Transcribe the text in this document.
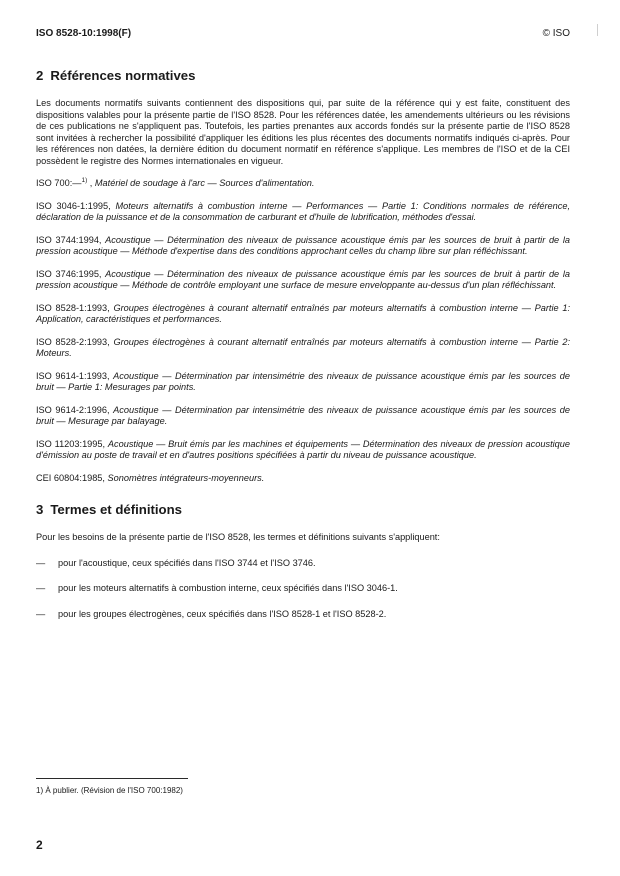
ISO 8528-10:1998(F)	© ISO
2 Références normatives

Les documents normatifs suivants contiennent des dispositions qui, par suite de la référence qui y est faite, constituent des dispositions valables pour la présente partie de l'ISO 8528. Pour les références datée, les amendements ultérieurs ou les révisions de ces publications ne s'appliquent pas. Toutefois, les parties prenantes aux accords fondés sur la présente partie de l'ISO 8528 sont invitées à rechercher la possibilité d'appliquer les éditions les plus récentes des documents normatifs indiqués ci-après. Pour les références non datées, la dernière édition du document normatif en référence s'applique. Les membres de l'ISO et de la CEI possèdent le registre des Normes internationales en vigueur.

ISO 700:—$^{1)}$ , Matériel de soudage à l'arc — Sources d'alimentation.

ISO 3046-1:1995, Moteurs alternatifs à combustion interne — Performances — Partie 1: Conditions normales de référence, déclaration de la puissance et de la consommation de carburant et d'huile de lubrification, méthodes d'essai.

ISO 3744:1994, Acoustique — Détermination des niveaux de puissance acoustique émis par les sources de bruit à partir de la pression acoustique — Méthode d'expertise dans des conditions approchant celles du champ libre sur plan réfléchissant.

ISO 3746:1995, Acoustique — Détermination des niveaux de puissance acoustique émis par les sources de bruit à partir de la pression acoustique — Méthode de contrôle employant une surface de mesure enveloppante au-dessus d'un plan réfléchissant.

ISO 8528-1:1993, Groupes électrogènes à courant alternatif entraînés par moteurs alternatifs à combustion interne — Partie 1: Application, caractéristiques et performances.

ISO 8528-2:1993, Groupes électrogènes à courant alternatif entraînés par moteurs alternatifs à combustion interne — Partie 2: Moteurs.

ISO 9614-1:1993, Acoustique — Détermination par intensimétrie des niveaux de puissance acoustique émis par les sources de bruit — Partie 1: Mesurages par points.

ISO 9614-2:1996, Acoustique — Détermination par intensimétrie des niveaux de puissance acoustique émis par les sources de bruit — Mesurage par balayage.

ISO 11203:1995, Acoustique — Bruit émis par les machines et équipements — Détermination des niveaux de pression acoustique d'émission au poste de travail et en d'autres positions spécifiées à partir du niveau de puissance acoustique.

CEI 60804:1985, Sonomètres intégrateurs-moyenneurs.

3 Termes et définitions

Pour les besoins de la présente partie de l'ISO 8528, les termes et définitions suivants s'appliquent:

— pour l'acoustique, ceux spécifiés dans l'ISO 3744 et l'ISO 3746.
— pour les moteurs alternatifs à combustion interne, ceux spécifiés dans l'ISO 3046-1.
— pour les groupes électrogènes, ceux spécifiés dans l'ISO 8528-1 et l'ISO 8528-2.
1) À publier. (Révision de l'ISO 700:1982)
2
